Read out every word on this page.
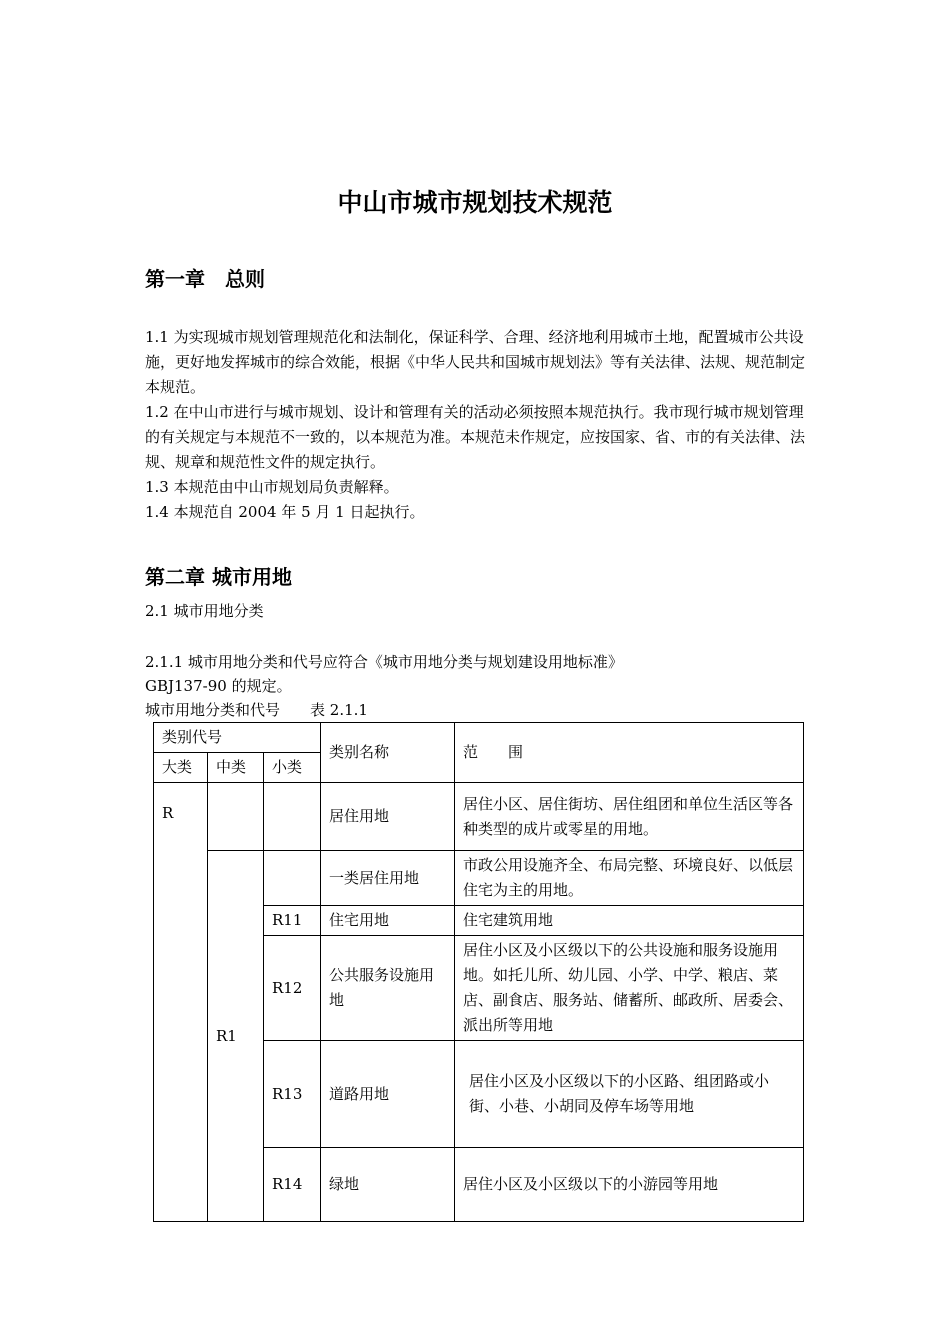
中山市城市规划技术规范
第一章　总则
1.1 为实现城市规划管理规范化和法制化，保证科学、合理、经济地利用城市土地，配置城市公共设施，更好地发挥城市的综合效能，根据《中华人民共和国城市规划法》等有关法律、法规、规范制定本规范。
1.2 在中山市进行与城市规划、设计和管理有关的活动必须按照本规范执行。我市现行城市规划管理的有关规定与本规范不一致的，以本规范为准。本规范未作规定，应按国家、省、市的有关法律、法规、规章和规范性文件的规定执行。
1.3 本规范由中山市规划局负责解释。
1.4 本规范自 2004 年 5 月 1 日起执行。
第二章 城市用地
2.1 城市用地分类
2.1.1 城市用地分类和代号应符合《城市用地分类与规划建设用地标准》
GBJ137-90 的规定。
城市用地分类和代号　　表 2.1.1
类别代号			类别名称	范　　围
大类	中类	小类		
R			居住用地	居住小区、居住街坊、居住组团和单位生活区等各种类型的成片或零星的用地。
	R1		一类居住用地	市政公用设施齐全、布局完整、环境良好、以低层住宅为主的用地。
		R11	住宅用地	住宅建筑用地
		R12	公共服务设施用地	居住小区及小区级以下的公共设施和服务设施用地。如托儿所、幼儿园、小学、中学、粮店、菜店、副食店、服务站、储蓄所、邮政所、居委会、派出所等用地
		R13	道路用地	居住小区及小区级以下的小区路、组团路或小街、小巷、小胡同及停车场等用地
		R14	绿地	居住小区及小区级以下的小游园等用地
